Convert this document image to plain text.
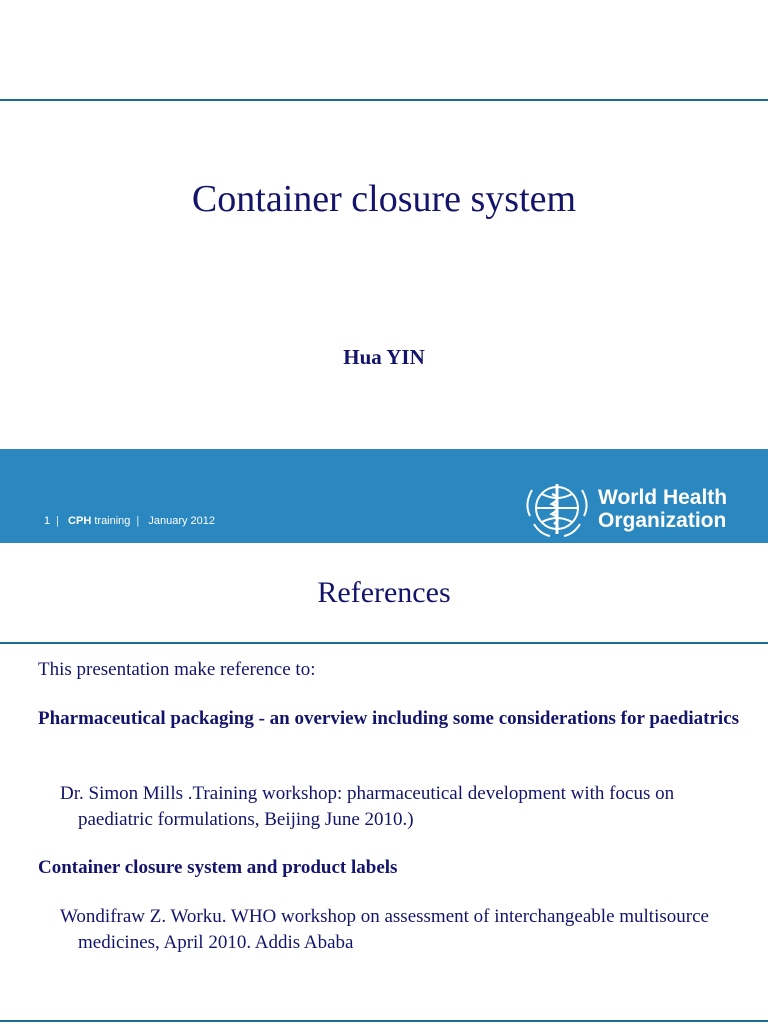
Container closure system
Hua YIN
1 | CPH training | January 2012
World Health
Organization
References
This presentation make reference to:
Pharmaceutical packaging - an overview including some considerations for paediatrics
Dr. Simon Mills .Training workshop: pharmaceutical development with focus on paediatric formulations, Beijing June 2010.)
Container closure system and product labels
Wondifraw Z. Worku. WHO workshop on assessment of interchangeable multisource medicines, April 2010. Addis Ababa
